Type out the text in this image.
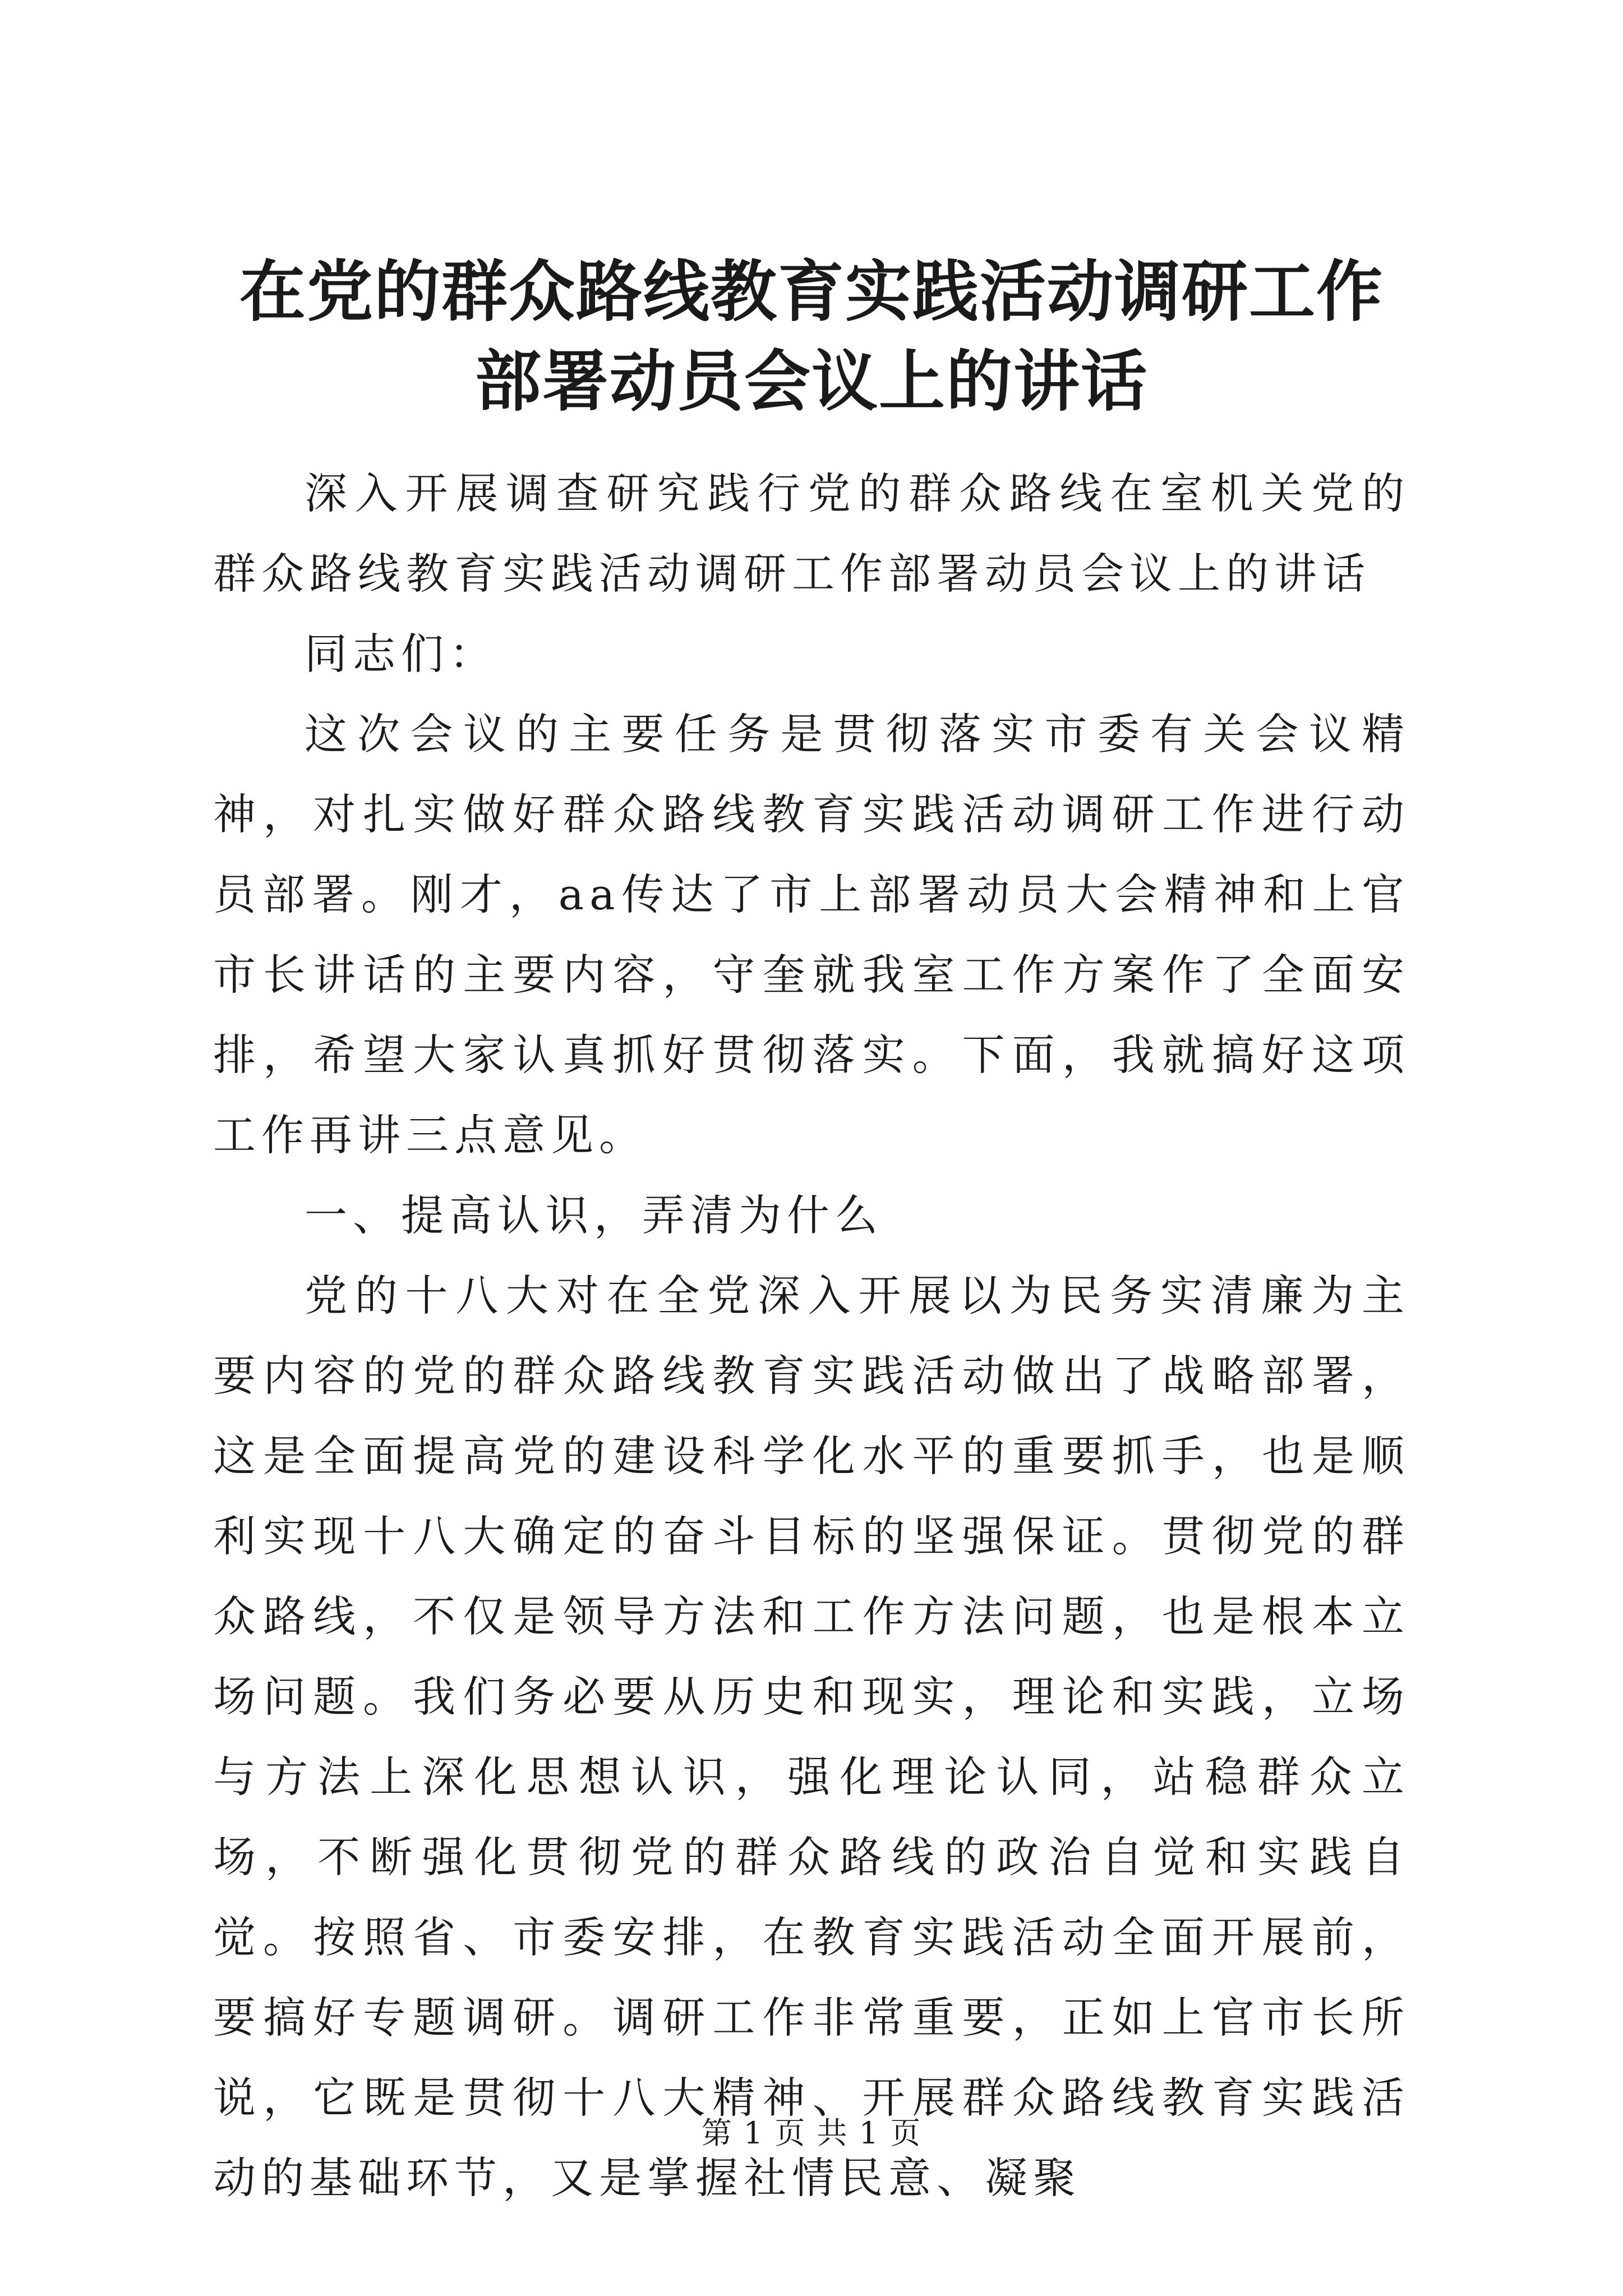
在党的群众路线教育实践活动调研工作部署动员会议上的讲话

深入开展调查研究践行党的群众路线在室机关党的群众路线教育实践活动调研工作部署动员会议上的讲话

同志们：

这次会议的主要任务是贯彻落实市委有关会议精神，对扎实做好群众路线教育实践活动调研工作进行动员部署。刚才，aa传达了市上部署动员大会精神和上官市长讲话的主要内容，守奎就我室工作方案作了全面安排，希望大家认真抓好贯彻落实。下面，我就搞好这项工作再讲三点意见。

一、提高认识，弄清为什么

党的十八大对在全党深入开展以为民务实清廉为主要内容的党的群众路线教育实践活动做出了战略部署，这是全面提高党的建设科学化水平的重要抓手，也是顺利实现十八大确定的奋斗目标的坚强保证。贯彻党的群众路线，不仅是领导方法和工作方法问题，也是根本立场问题。我们务必要从历史和现实，理论和实践，立场与方法上深化思想认识，强化理论认同，站稳群众立场，不断强化贯彻党的群众路线的政治自觉和实践自觉。按照省、市委安排，在教育实践活动全面开展前，要搞好专题调研。调研工作非常重要，正如上官市长所说，它既是贯彻十八大精神、开展群众路线教育实践活动的基础环节，又是掌握社情民意、凝聚

第 1 页 共 1 页
